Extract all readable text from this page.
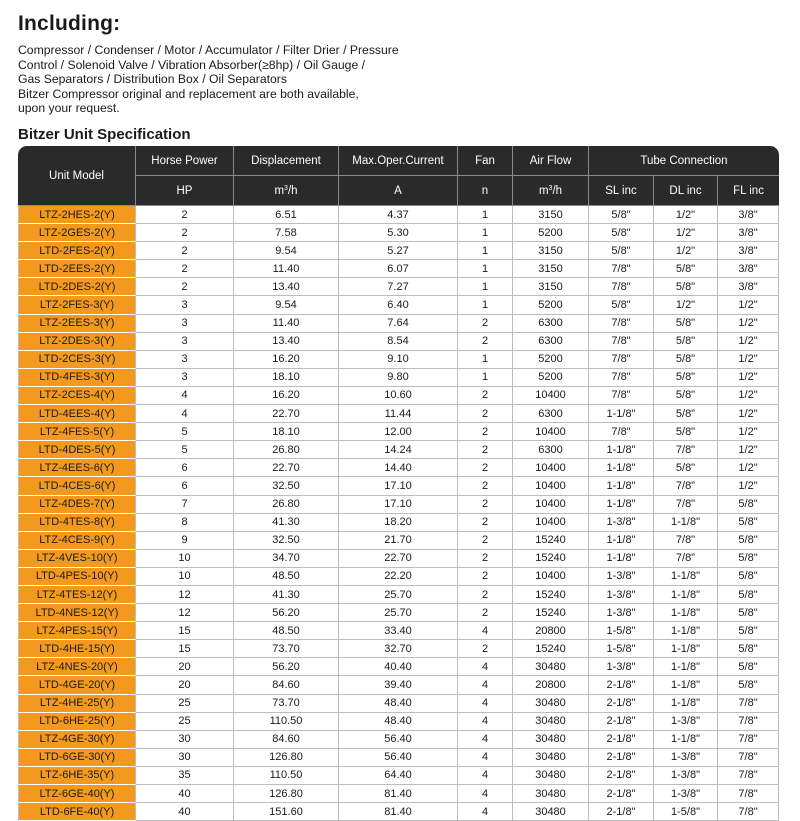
Including:
Compressor / Condenser / Motor / Accumulator / Filter Drier / Pressure
Control / Solenoid Valve / Vibration Absorber(≥8hp) / Oil Gauge /
Gas Separators / Distribution Box / Oil Separators
Bitzer Compressor original and replacement are both available,
upon your request.
Bitzer Unit Specification
Unit Model	Horse Power	Displacement	Max.Oper.Current	Fan	Air Flow	Tube Connection		
	HP	$m^3/h$	A	n	$m^3/h$	SL inc	DL inc	FL inc
LTZ-2HES-2(Y)	2	6.51	4.37	1	3150	5/8"	1/2"	3/8"
LTZ-2GES-2(Y)	2	7.58	5.30	1	5200	5/8"	1/2"	3/8"
LTD-2FES-2(Y)	2	9.54	5.27	1	3150	5/8"	1/2"	3/8"
LTD-2EES-2(Y)	2	11.40	6.07	1	3150	7/8"	5/8"	3/8"
LTD-2DES-2(Y)	2	13.40	7.27	1	3150	7/8"	5/8"	3/8"
LTZ-2FES-3(Y)	3	9.54	6.40	1	5200	5/8"	1/2"	1/2"
LTZ-2EES-3(Y)	3	11.40	7.64	2	6300	7/8"	5/8"	1/2"
LTZ-2DES-3(Y)	3	13.40	8.54	2	6300	7/8"	5/8"	1/2"
LTD-2CES-3(Y)	3	16.20	9.10	1	5200	7/8"	5/8"	1/2"
LTD-4FES-3(Y)	3	18.10	9.80	1	5200	7/8"	5/8"	1/2"
LTZ-2CES-4(Y)	4	16.20	10.60	2	10400	7/8"	5/8"	1/2"
LTD-4EES-4(Y)	4	22.70	11.44	2	6300	1-1/8"	5/8"	1/2"
LTZ-4FES-5(Y)	5	18.10	12.00	2	10400	7/8"	5/8"	1/2"
LTD-4DES-5(Y)	5	26.80	14.24	2	6300	1-1/8"	7/8"	1/2"
LTZ-4EES-6(Y)	6	22.70	14.40	2	10400	1-1/8"	5/8"	1/2"
LTD-4CES-6(Y)	6	32.50	17.10	2	10400	1-1/8"	7/8"	1/2"
LTZ-4DES-7(Y)	7	26.80	17.10	2	10400	1-1/8"	7/8"	5/8"
LTD-4TES-8(Y)	8	41.30	18.20	2	10400	1-3/8"	1-1/8"	5/8"
LTZ-4CES-9(Y)	9	32.50	21.70	2	15240	1-1/8"	7/8"	5/8"
LTZ-4VES-10(Y)	10	34.70	22.70	2	15240	1-1/8"	7/8"	5/8"
LTD-4PES-10(Y)	10	48.50	22.20	2	10400	1-3/8"	1-1/8"	5/8"
LTZ-4TES-12(Y)	12	41.30	25.70	2	15240	1-3/8"	1-1/8"	5/8"
LTD-4NES-12(Y)	12	56.20	25.70	2	15240	1-3/8"	1-1/8"	5/8"
LTZ-4PES-15(Y)	15	48.50	33.40	4	20800	1-5/8"	1-1/8"	5/8"
LTD-4HE-15(Y)	15	73.70	32.70	2	15240	1-5/8"	1-1/8"	5/8"
LTZ-4NES-20(Y)	20	56.20	40.40	4	30480	1-3/8"	1-1/8"	5/8"
LTD-4GE-20(Y)	20	84.60	39.40	4	20800	2-1/8"	1-1/8"	5/8"
LTZ-4HE-25(Y)	25	73.70	48.40	4	30480	2-1/8"	1-1/8"	7/8"
LTD-6HE-25(Y)	25	110.50	48.40	4	30480	2-1/8"	1-3/8"	7/8"
LTZ-4GE-30(Y)	30	84.60	56.40	4	30480	2-1/8"	1-1/8"	7/8"
LTD-6GE-30(Y)	30	126.80	56.40	4	30480	2-1/8"	1-3/8"	7/8"
LTZ-6HE-35(Y)	35	110.50	64.40	4	30480	2-1/8"	1-3/8"	7/8"
LTZ-6GE-40(Y)	40	126.80	81.40	4	30480	2-1/8"	1-3/8"	7/8"
LTD-6FE-40(Y)	40	151.60	81.40	4	30480	2-1/8"	1-5/8"	7/8"
